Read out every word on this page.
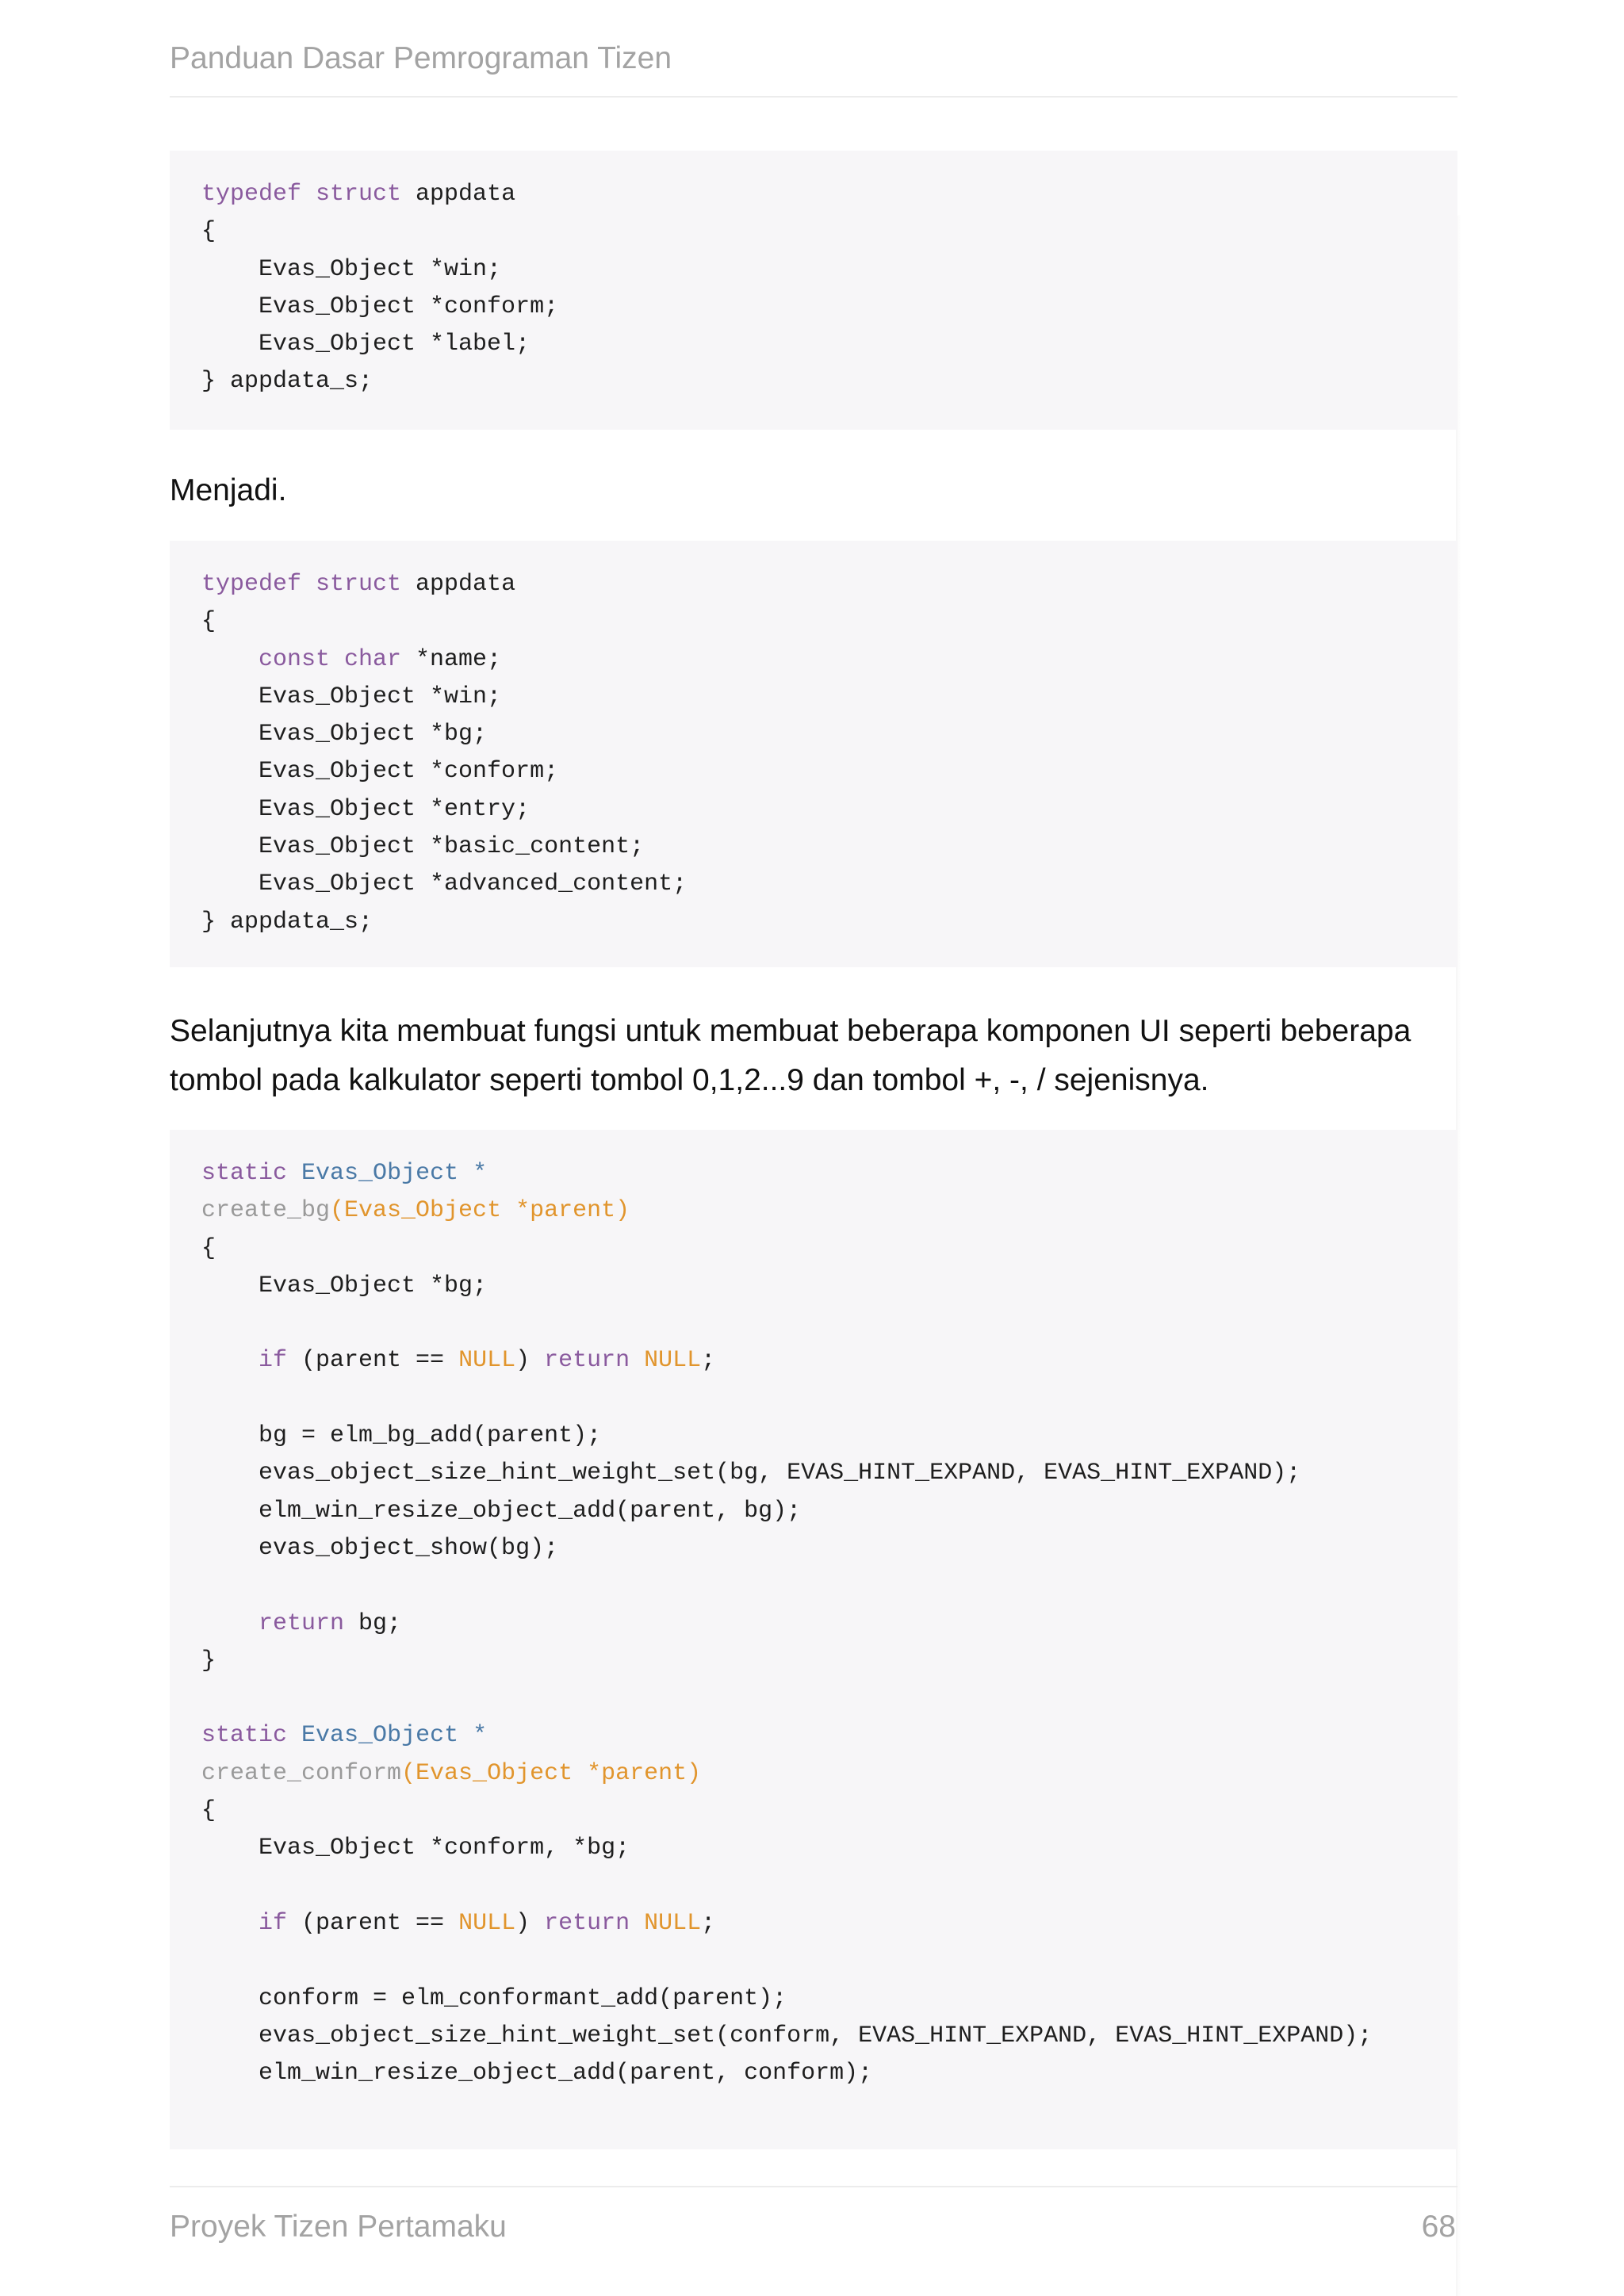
Panduan Dasar Pemrograman Tizen
typedef struct appdata
{
Evas_Object *win;
Evas_Object *conform;
Evas_Object *label;
} appdata_s;

Menjadi.

typedef struct appdata
{
const char *name;
Evas_Object *win;
Evas_Object *bg;
Evas_Object *conform;
Evas_Object *entry;
Evas_Object *basic_content;
Evas_Object *advanced_content;
} appdata_s;

Selanjutnya kita membuat fungsi untuk membuat beberapa komponen UI seperti beberapa tombol pada kalkulator seperti tombol 0,1,2...9 dan tombol +, -, / sejenisnya.

static Evas_Object *
create_bg(Evas_Object *parent)
{
Evas_Object *bg;

if (parent == NULL) return NULL;

bg = elm_bg_add(parent);
evas_object_size_hint_weight_set(bg, EVAS_HINT_EXPAND, EVAS_HINT_EXPAND);
elm_win_resize_object_add(parent, bg);
evas_object_show(bg);

return bg;
}

static Evas_Object *
create_conform(Evas_Object *parent)
{
Evas_Object *conform, *bg;

if (parent == NULL) return NULL;

conform = elm_conformant_add(parent);
evas_object_size_hint_weight_set(conform, EVAS_HINT_EXPAND, EVAS_HINT_EXPAND);
elm_win_resize_object_add(parent, conform);
Proyek Tizen Pertamaku	68
